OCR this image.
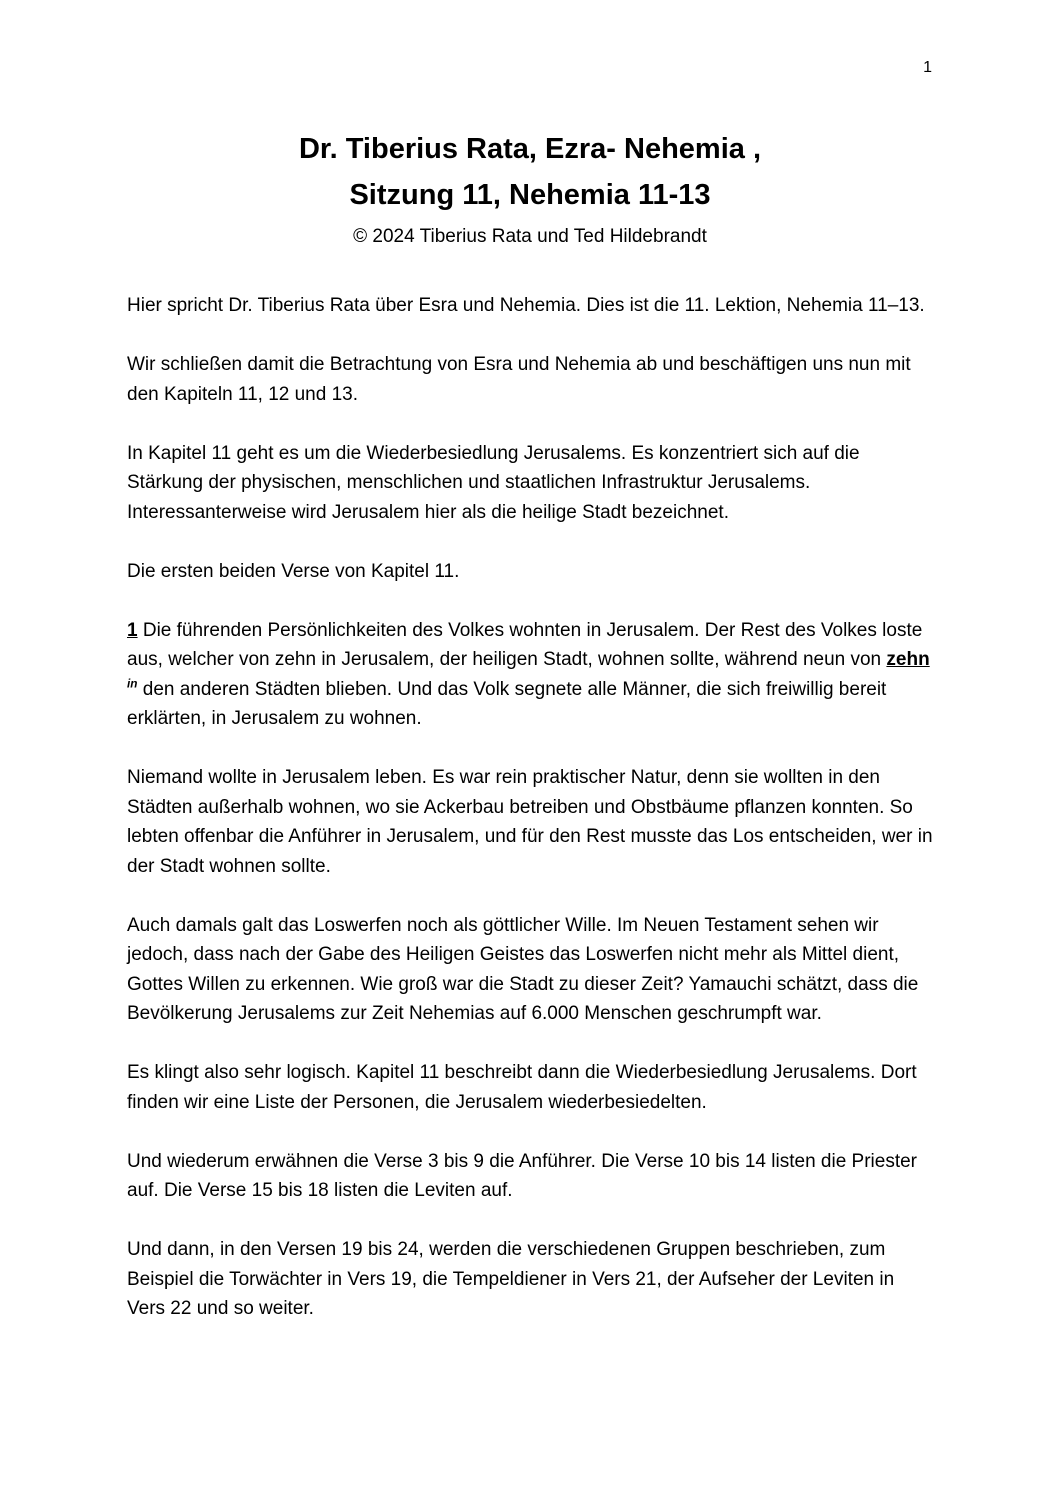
1
Dr. Tiberius Rata, Ezra- Nehemia ,
Sitzung 11, Nehemia 11-13
© 2024 Tiberius Rata und Ted Hildebrandt

Hier spricht Dr. Tiberius Rata über Esra und Nehemia. Dies ist die 11. Lektion, Nehemia 11–13.

Wir schließen damit die Betrachtung von Esra und Nehemia ab und beschäftigen uns nun mit den Kapiteln 11, 12 und 13.

In Kapitel 11 geht es um die Wiederbesiedlung Jerusalems. Es konzentriert sich auf die Stärkung der physischen, menschlichen und staatlichen Infrastruktur Jerusalems. Interessanterweise wird Jerusalem hier als die heilige Stadt bezeichnet.

Die ersten beiden Verse von Kapitel 11.

1 Die führenden Persönlichkeiten des Volkes wohnten in Jerusalem. Der Rest des Volkes loste aus, welcher von zehn in Jerusalem, der heiligen Stadt, wohnen sollte, während neun von zehn $^{in}$ den anderen Städten blieben. Und das Volk segnete alle Männer, die sich freiwillig bereit erklärten, in Jerusalem zu wohnen.

Niemand wollte in Jerusalem leben. Es war rein praktischer Natur, denn sie wollten in den Städten außerhalb wohnen, wo sie Ackerbau betreiben und Obstbäume pflanzen konnten. So lebten offenbar die Anführer in Jerusalem, und für den Rest musste das Los entscheiden, wer in der Stadt wohnen sollte.

Auch damals galt das Loswerfen noch als göttlicher Wille. Im Neuen Testament sehen wir jedoch, dass nach der Gabe des Heiligen Geistes das Loswerfen nicht mehr als Mittel dient, Gottes Willen zu erkennen. Wie groß war die Stadt zu dieser Zeit? Yamauchi schätzt, dass die Bevölkerung Jerusalems zur Zeit Nehemias auf 6.000 Menschen geschrumpft war.

Es klingt also sehr logisch. Kapitel 11 beschreibt dann die Wiederbesiedlung Jerusalems. Dort finden wir eine Liste der Personen, die Jerusalem wiederbesiedelten.

Und wiederum erwähnen die Verse 3 bis 9 die Anführer. Die Verse 10 bis 14 listen die Priester auf. Die Verse 15 bis 18 listen die Leviten auf.

Und dann, in den Versen 19 bis 24, werden die verschiedenen Gruppen beschrieben, zum Beispiel die Torwächter in Vers 19, die Tempeldiener in Vers 21, der Aufseher der Leviten in Vers 22 und so weiter.
